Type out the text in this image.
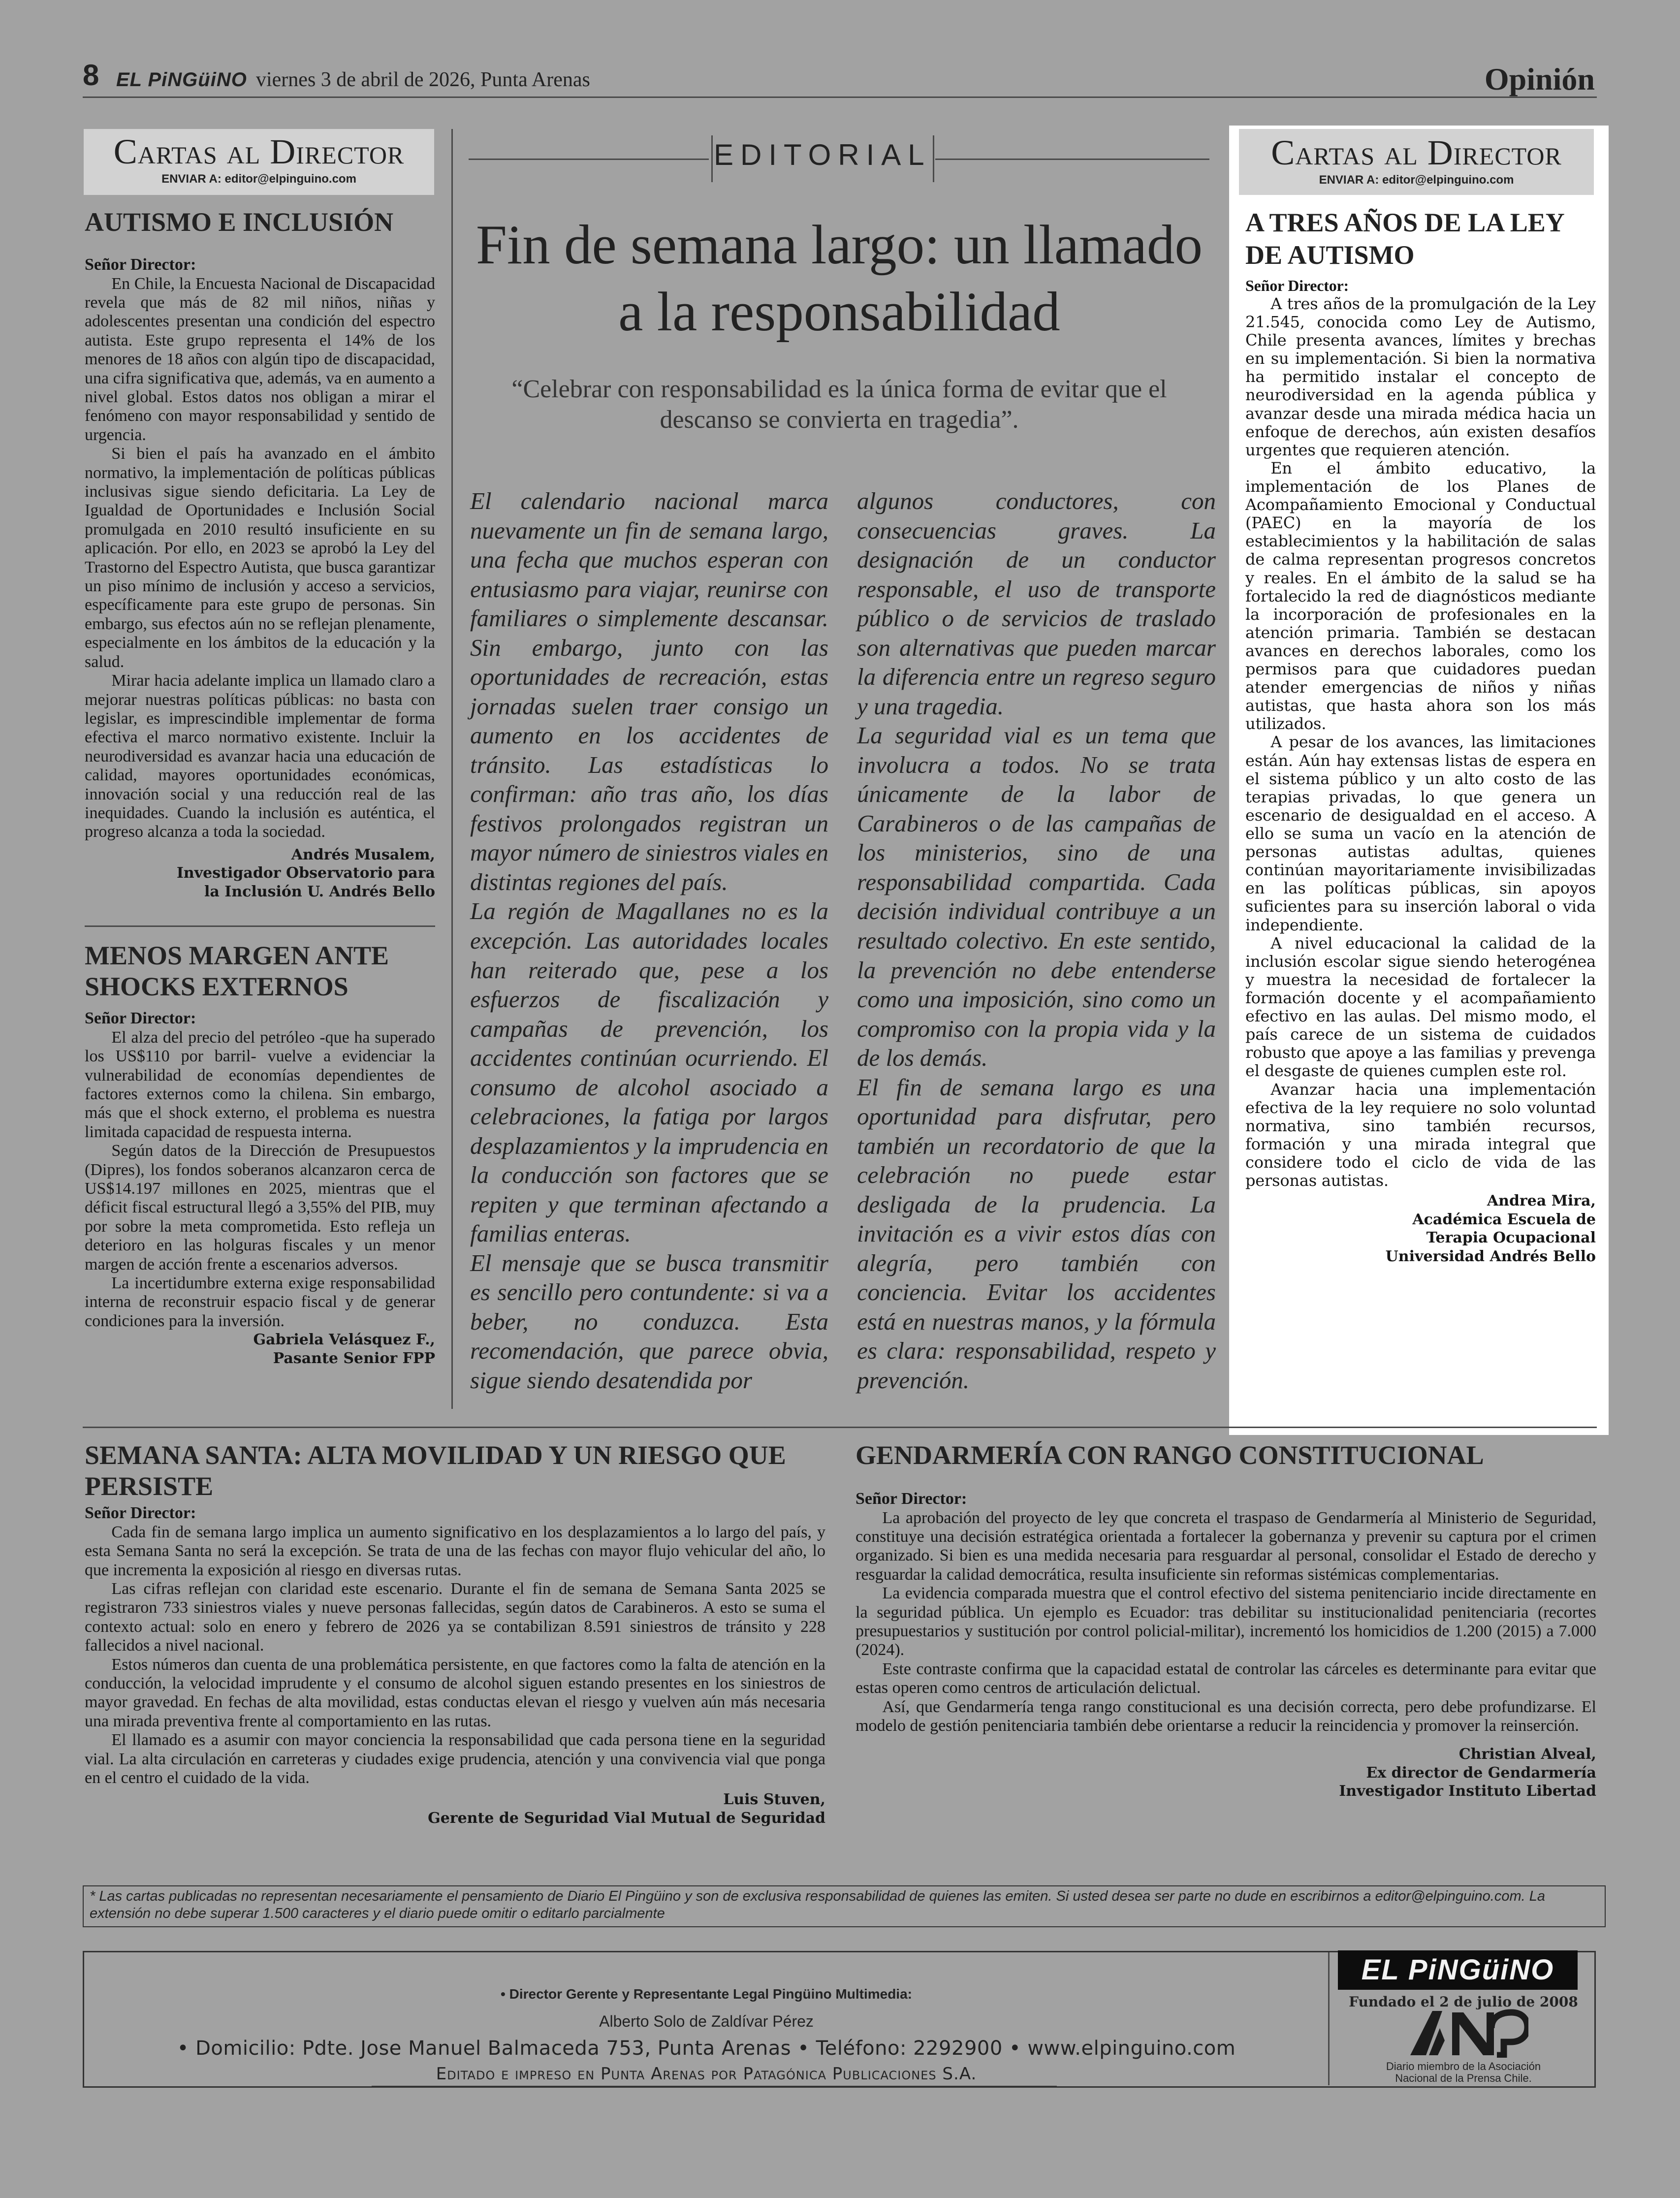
8 EL PiNGüiNO viernes 3 de abril de 2026, Punta Arenas	Opinión
Cartas al Director
ENVIAR A: editor@elpinguino.com
AUTISMO E INCLUSIÓN

Señor Director:

En Chile, la Encuesta Nacional de Discapacidad revela que más de 82 mil niños, niñas y adolescentes presentan una condición del espectro autista. Este grupo representa el 14% de los menores de 18 años con algún tipo de discapacidad, una cifra significativa que, además, va en aumento a nivel global. Estos datos nos obligan a mirar el fenómeno con mayor responsabilidad y sentido de urgencia.

Si bien el país ha avanzado en el ámbito normativo, la implementación de políticas públicas inclusivas sigue siendo deficitaria. La Ley de Igualdad de Oportunidades e Inclusión Social promulgada en 2010 resultó insuficiente en su aplicación. Por ello, en 2023 se aprobó la Ley del Trastorno del Espectro Autista, que busca garantizar un piso mínimo de inclusión y acceso a servicios, específicamente para este grupo de personas. Sin embargo, sus efectos aún no se reflejan plenamente, especialmente en los ámbitos de la educación y la salud.

Mirar hacia adelante implica un llamado claro a mejorar nuestras políticas públicas: no basta con legislar, es imprescindible implementar de forma efectiva el marco normativo existente. Incluir la neurodiversidad es avanzar hacia una educación de calidad, mayores oportunidades económicas, innovación social y una reducción real de las inequidades. Cuando la inclusión es auténtica, el progreso alcanza a toda la sociedad.

Andrés Musalem,
Investigador Observatorio para
la Inclusión U. Andrés Bello
MENOS MARGEN ANTE SHOCKS EXTERNOS

Señor Director:

El alza del precio del petróleo -que ha superado los US$110 por barril- vuelve a evidenciar la vulnerabilidad de economías dependientes de factores externos como la chilena. Sin embargo, más que el shock externo, el problema es nuestra limitada capacidad de respuesta interna.

Según datos de la Dirección de Presupuestos (Dipres), los fondos soberanos alcanzaron cerca de US$14.197 millones en 2025, mientras que el déficit fiscal estructural llegó a 3,55% del PIB, muy por sobre la meta comprometida. Esto refleja un deterioro en las holguras fiscales y un menor margen de acción frente a escenarios adversos.

La incertidumbre externa exige responsabilidad interna de reconstruir espacio fiscal y de generar condiciones para la inversión.

Gabriela Velásquez F.,
Pasante Senior FPP
EDITORIAL
Fin de semana largo: un llamado a la responsabilidad
“Celebrar con responsabilidad es la única forma de evitar que el descanso se convierta en tragedia”.

El calendario nacional marca nuevamente un fin de semana largo, una fecha que muchos esperan con entusiasmo para viajar, reunirse con familiares o simplemente descansar. Sin embargo, junto con las oportunidades de recreación, estas jornadas suelen traer consigo un aumento en los accidentes de tránsito. Las estadísticas lo confirman: año tras año, los días festivos prolongados registran un mayor número de siniestros viales en distintas regiones del país.

La región de Magallanes no es la excepción. Las autoridades locales han reiterado que, pese a los esfuerzos de fiscalización y campañas de prevención, los accidentes continúan ocurriendo. El consumo de alcohol asociado a celebraciones, la fatiga por largos desplazamientos y la imprudencia en la conducción son factores que se repiten y que terminan afectando a familias enteras.

El mensaje que se busca transmitir es sencillo pero contundente: si va a beber, no conduzca. Esta recomendación, que parece obvia, sigue siendo desatendida por

algunos conductores, con consecuencias graves. La designación de un conductor responsable, el uso de transporte público o de servicios de traslado son alternativas que pueden marcar la diferencia entre un regreso seguro y una tragedia.

La seguridad vial es un tema que involucra a todos. No se trata únicamente de la labor de Carabineros o de las campañas de los ministerios, sino de una responsabilidad compartida. Cada decisión individual contribuye a un resultado colectivo. En este sentido, la prevención no debe entenderse como una imposición, sino como un compromiso con la propia vida y la de los demás.

El fin de semana largo es una oportunidad para disfrutar, pero también un recordatorio de que la celebración no puede estar desligada de la prudencia. La invitación es a vivir estos días con alegría, pero también con conciencia. Evitar los accidentes está en nuestras manos, y la fórmula es clara: responsabilidad, respeto y prevención.

Cartas al Director
ENVIAR A: editor@elpinguino.com
A TRES AÑOS DE LA LEY DE AUTISMO

Señor Director:

A tres años de la promulgación de la Ley 21.545, conocida como Ley de Autismo, Chile presenta avances, límites y brechas en su implementación. Si bien la normativa ha permitido instalar el concepto de neurodiversidad en la agenda pública y avanzar desde una mirada médica hacia un enfoque de derechos, aún existen desafíos urgentes que requieren atención.

En el ámbito educativo, la implementación de los Planes de Acompañamiento Emocional y Conductual (PAEC) en la mayoría de los establecimientos y la habilitación de salas de calma representan progresos concretos y reales. En el ámbito de la salud se ha fortalecido la red de diagnósticos mediante la incorporación de profesionales en la atención primaria. También se destacan avances en derechos laborales, como los permisos para que cuidadores puedan atender emergencias de niños y niñas autistas, que hasta ahora son los más utilizados.

A pesar de los avances, las limitaciones están. Aún hay extensas listas de espera en el sistema público y un alto costo de las terapias privadas, lo que genera un escenario de desigualdad en el acceso. A ello se suma un vacío en la atención de personas autistas adultas, quienes continúan mayoritariamente invisibilizadas en las políticas públicas, sin apoyos suficientes para su inserción laboral o vida independiente.

A nivel educacional la calidad de la inclusión escolar sigue siendo heterogénea y muestra la necesidad de fortalecer la formación docente y el acompañamiento efectivo en las aulas. Del mismo modo, el país carece de un sistema de cuidados robusto que apoye a las familias y prevenga el desgaste de quienes cumplen este rol.

Avanzar hacia una implementación efectiva de la ley requiere no solo voluntad normativa, sino también recursos, formación y una mirada integral que considere todo el ciclo de vida de las personas autistas.

Andrea Mira,
Académica Escuela de
Terapia Ocupacional
Universidad Andrés Bello
SEMANA SANTA: ALTA MOVILIDAD Y UN RIESGO QUE PERSISTE

Señor Director:

Cada fin de semana largo implica un aumento significativo en los desplazamientos a lo largo del país, y esta Semana Santa no será la excepción. Se trata de una de las fechas con mayor flujo vehicular del año, lo que incrementa la exposición al riesgo en diversas rutas.

Las cifras reflejan con claridad este escenario. Durante el fin de semana de Semana Santa 2025 se registraron 733 siniestros viales y nueve personas fallecidas, según datos de Carabineros. A esto se suma el contexto actual: solo en enero y febrero de 2026 ya se contabilizan 8.591 siniestros de tránsito y 228 fallecidos a nivel nacional.

Estos números dan cuenta de una problemática persistente, en que factores como la falta de atención en la conducción, la velocidad imprudente y el consumo de alcohol siguen estando presentes en los siniestros de mayor gravedad. En fechas de alta movilidad, estas conductas elevan el riesgo y vuelven aún más necesaria una mirada preventiva frente al comportamiento en las rutas.

El llamado es a asumir con mayor conciencia la responsabilidad que cada persona tiene en la seguridad vial. La alta circulación en carreteras y ciudades exige prudencia, atención y una convivencia vial que ponga en el centro el cuidado de la vida.

Luis Stuven,
Gerente de Seguridad Vial Mutual de Seguridad
GENDARMERÍA CON RANGO CONSTITUCIONAL

Señor Director:

La aprobación del proyecto de ley que concreta el traspaso de Gendarmería al Ministerio de Seguridad, constituye una decisión estratégica orientada a fortalecer la gobernanza y prevenir su captura por el crimen organizado. Si bien es una medida necesaria para resguardar al personal, consolidar el Estado de derecho y resguardar la calidad democrática, resulta insuficiente sin reformas sistémicas complementarias.

La evidencia comparada muestra que el control efectivo del sistema penitenciario incide directamente en la seguridad pública. Un ejemplo es Ecuador: tras debilitar su institucionalidad penitenciaria (recortes presupuestarios y sustitución por control policial-militar), incrementó los homicidios de 1.200 (2015) a 7.000 (2024).

Este contraste confirma que la capacidad estatal de controlar las cárceles es determinante para evitar que estas operen como centros de articulación delictual.

Así, que Gendarmería tenga rango constitucional es una decisión correcta, pero debe profundizarse. El modelo de gestión penitenciaria también debe orientarse a reducir la reincidencia y promover la reinserción.

Christian Alveal,
Ex director de Gendarmería
Investigador Instituto Libertad
* Las cartas publicadas no representan necesariamente el pensamiento de Diario El Pingüino y son de exclusiva responsabilidad de quienes las emiten. Si usted desea ser parte no dude en escribirnos a editor@elpinguino.com. La extensión no debe superar 1.500 caracteres y el diario puede omitir o editarlo parcialmente
• Director Gerente y Representante Legal Pingüino Multimedia:
Alberto Solo de Zaldívar Pérez
• Domicilio: Pdte. Jose Manuel Balmaceda 753, Punta Arenas • Teléfono: 2292900 • www.elpinguino.com
Editado e impreso en Punta Arenas por Patagónica Publicaciones S.A.
EL PiNGüiNO
Fundado el 2 de julio de 2008
Diario miembro de la Asociación
Nacional de la Prensa Chile.
